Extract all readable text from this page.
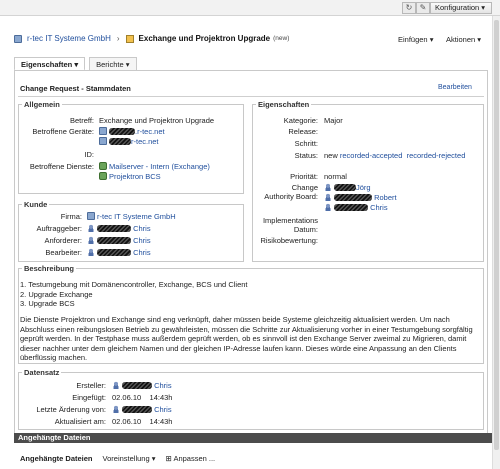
↻ ✎	Konfiguration ▾
r-tec IT Systeme GmbH › Exchange und Projektron Upgrade (new)	Einfügen ▾ Aktionen ▾
Eigenschaften ▾	Berichte ▾
Change Request - Stammdaten	Bearbeiten
Allgemein
Betreff: Exchange und Projektron Upgrade
Betroffene Geräte:	.r-tec.net
r-tec.net
ID:
Betroffene Dienste:	Mailserver - Intern (Exchange)
Projektron BCS
Kunde
Firma:	r-tec IT Systeme GmbH
Auftraggeber:	Chris
Anforderer:	Chris
Bearbeiter:	Chris
Eigenschaften
Kategorie: Major
Release:
Schritt:
Status: new recorded-accepted recorded-rejected
Priorität: normal
Change
Authority Board:
Jörg
Robert
Chris
Implementations
Datum:
Risikobewertung:
Beschreibung
1. Testumgebung mit Domänencontroller, Exchange, BCS und Client
2. Upgrade Exchange
3. Upgrade BCS
Die Dienste Projektron und Exchange sind eng verknüpft, daher müssen beide Systeme gleichzeitig aktualisiert werden. Um nach Abschluss einen reibungslosen Betrieb zu gewährleisten, müssen die Schritte zur Aktualisierung vorher in einer Testumgebung sorgfältig geprüft werden. In der Testphase muss außerdem geprüft werden, ob es sinnvoll ist den Exchange Server zweimal zu Migrieren, damit dieser nachher unter dem gleichem Namen und der gleichen IP-Adresse laufen kann. Dieses würde eine Anpassung an den Clients überflüssig machen.
Datensatz
Ersteller:	Chris
Eingefügt: 02.06.10    14:43h
Letzte Ärderung von:	Chris
Aktualisiert am: 02.06.10    14:43h
Angehängte Dateien
Angehängte Dateien Voreinstellung ▾ ⊞ Anpassen ...
